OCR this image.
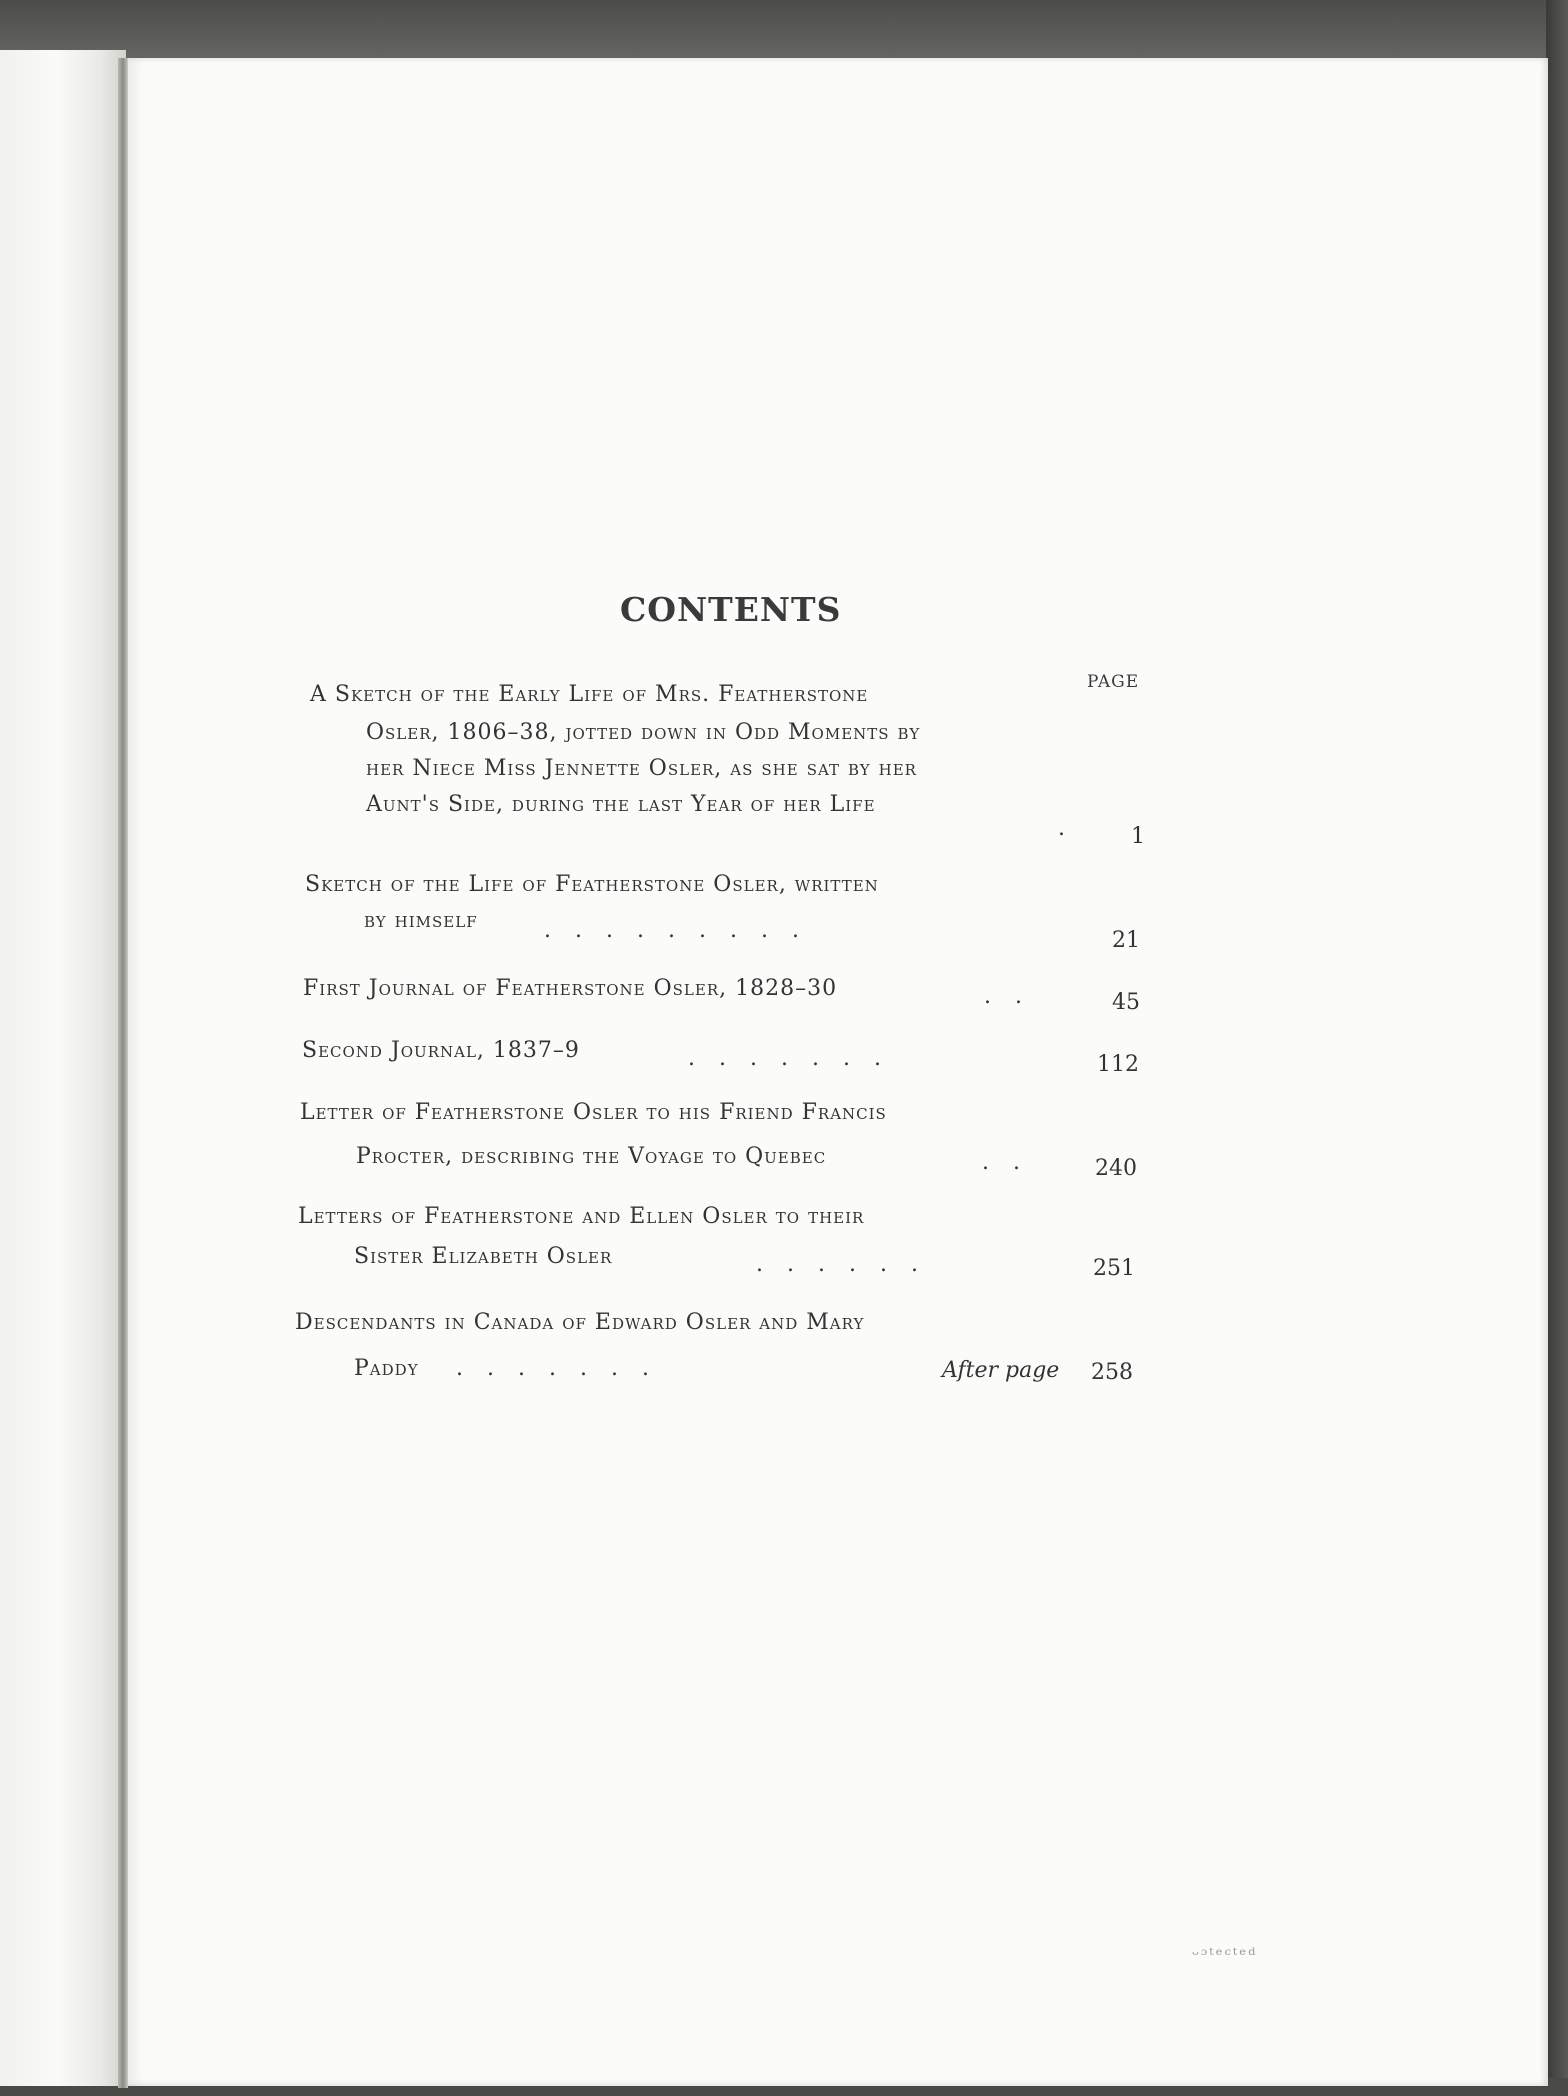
CONTENTS
PAGE
A Sketch of the Early Life of Mrs. Featherstone
Osler, 1806–38, jotted down in Odd Moments by
her Niece Miss Jennette Osler, as she sat by her
Aunt's Side, during the last Year of her Life
. 1
Sketch of the Life of Featherstone Osler, written
by himself	.........	21
First Journal of Featherstone Osler, 1828–30	..	45
Second Journal, 1837–9	.......	112
Letter of Featherstone Osler to his Friend Francis
Procter, describing the Voyage to Quebec	.. 240
Letters of Featherstone and Ellen Osler to their
Sister Elizabeth Osler	......	251
Descendants in Canada of Edward Osler and Mary
Paddy .......	After page 258
ᵕᵓᵗᵉᶜᵗᵉᵈ
